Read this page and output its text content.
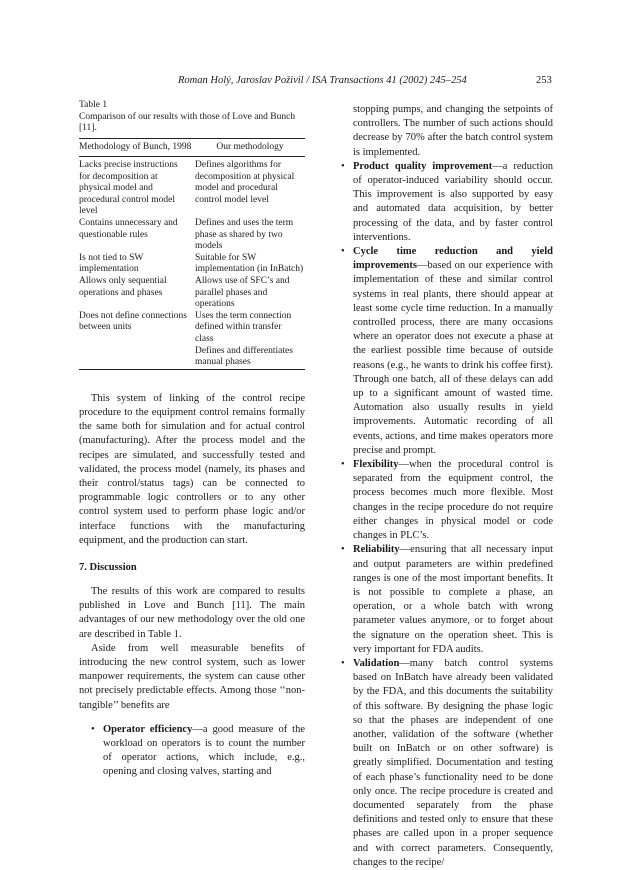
Roman Holý, Jaroslav Poživil / ISA Transactions 41 (2002) 245–254	253
Table 1
Comparison of our results with those of Love and Bunch
[11].
Methodology of Bunch, 1998	Our methodology
Lacks precise instructions for decomposition at physical model and procedural control model level	Defines algorithms for
decomposition at physical
model and procedural
control model level

Contains unnecessary and questionable rules	Defines and uses the term
phase as shared by two
models

Is not tied to SW implementation	Suitable for SW
implementation (in InBatch)

Allows only sequential operations and phases	Allows use of SFC’s and
parallel phases and
operations

Does not define connections between units	Uses the term connection
defined within transfer
class

	Defines and differentiates
manual phases

This system of linking of the control recipe procedure to the equipment control remains formally the same both for simulation and for actual control (manufacturing). After the process model and the recipes are simulated, and successfully tested and validated, the process model (namely, its phases and their control/status tags) can be connected to programmable logic controllers or to any other control system used to perform phase logic and/or interface functions with the manufacturing equipment, and the production can start.

7. Discussion

The results of this work are compared to results published in Love and Bunch [11]. The main advantages of our new methodology over the old one are described in Table 1.

Aside from well measurable benefits of introducing the new control system, such as lower manpower requirements, the system can cause other not precisely predictable effects. Among those ‘‘non-tangible’’ benefits are

• Operator efficiency—a good measure of the workload on operators is to count the number of operator actions, which include, e.g., opening and closing valves, starting and
stopping pumps, and changing the setpoints of controllers. The number of such actions should decrease by 70% after the batch control system is implemented.
• Product quality improvement—a reduction of operator-induced variability should occur. This improvement is also supported by easy and automated data acquisition, by better processing of the data, and by faster control interventions.
• Cycle time reduction and yield improvements—based on our experience with implementation of these and similar control systems in real plants, there should appear at least some cycle time reduction. In a manually controlled process, there are many occasions where an operator does not execute a phase at the earliest possible time because of outside reasons (e.g., he wants to drink his coffee first). Through one batch, all of these delays can add up to a significant amount of wasted time. Automation also usually results in yield improvements. Automatic recording of all events, actions, and time makes operators more precise and prompt.
• Flexibility—when the procedural control is separated from the equipment control, the process becomes much more flexible. Most changes in the recipe procedure do not require either changes in physical model or code changes in PLC’s.
• Reliability—ensuring that all necessary input and output parameters are within predefined ranges is one of the most important benefits. It is not possible to complete a phase, an operation, or a whole batch with wrong parameter values anymore, or to forget about the signature on the operation sheet. This is very important for FDA audits.
• Validation—many batch control systems based on InBatch have already been validated by the FDA, and this documents the suitability of this software. By designing the phase logic so that the phases are independent of one another, validation of the software (whether built on InBatch or on other software) is greatly simplified. Documentation and testing of each phase’s functionality need to be done only once. The recipe procedure is created and documented separately from the phase definitions and tested only to ensure that these phases are called upon in a proper sequence and with correct parameters. Consequently, changes to the recipe/
